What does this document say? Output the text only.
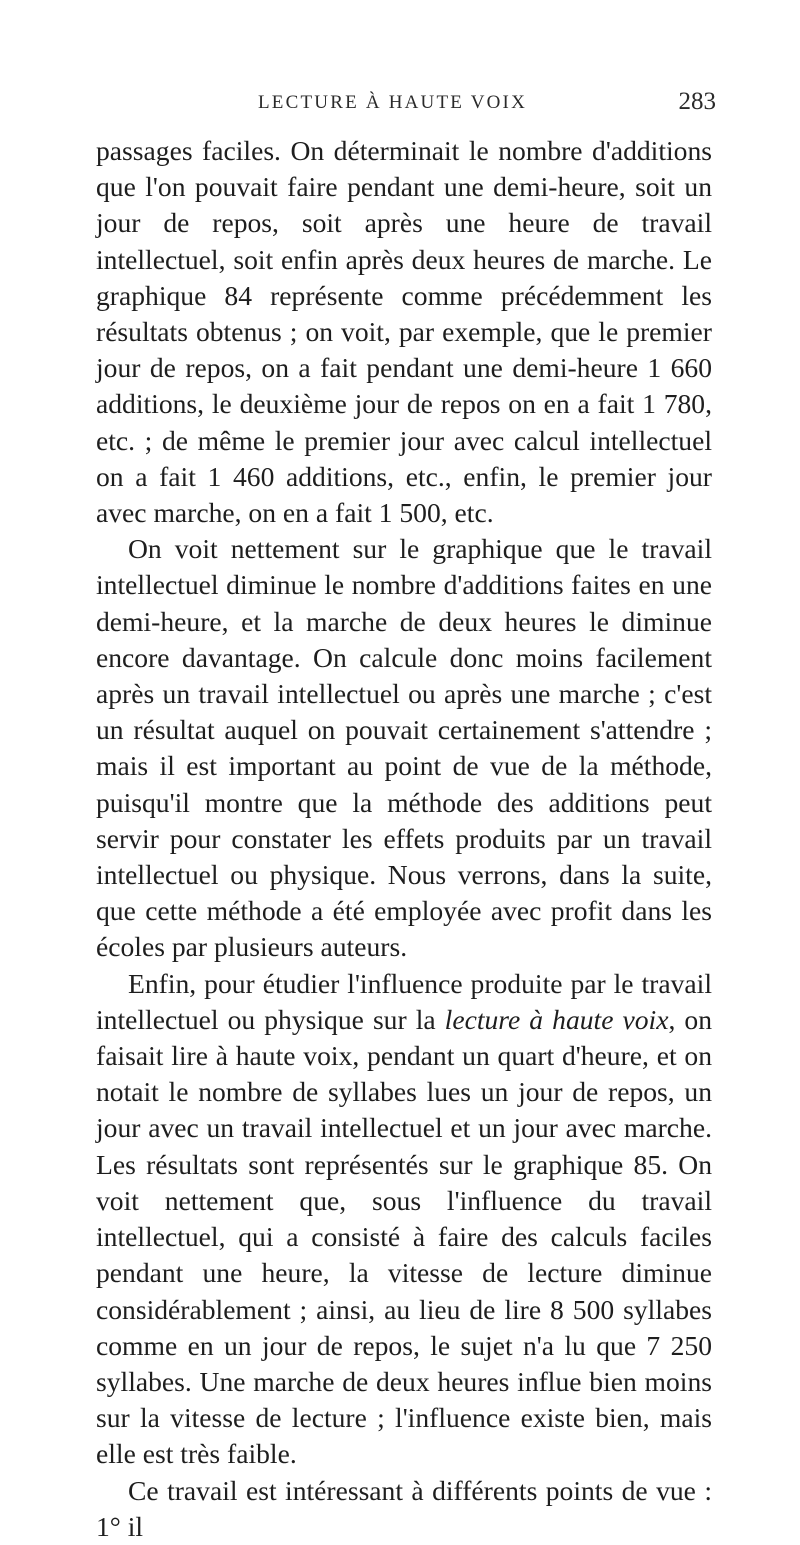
LECTURE À HAUTE VOIX	283

passages faciles. On déterminait le nombre d'additions que l'on pouvait faire pendant une demi-heure, soit un jour de repos, soit après une heure de travail intellectuel, soit enfin après deux heures de marche. Le graphique 84 représente comme précédemment les résultats obtenus ; on voit, par exemple, que le premier jour de repos, on a fait pendant une demi-heure 1 660 additions, le deuxième jour de repos on en a fait 1 780, etc. ; de même le premier jour avec calcul intellectuel on a fait 1 460 additions, etc., enfin, le premier jour avec marche, on en a fait 1 500, etc.

On voit nettement sur le graphique que le travail intellectuel diminue le nombre d'additions faites en une demi-heure, et la marche de deux heures le diminue encore davantage. On calcule donc moins facilement après un travail intellectuel ou après une marche ; c'est un résultat auquel on pouvait certainement s'attendre ; mais il est important au point de vue de la méthode, puisqu'il montre que la méthode des additions peut servir pour constater les effets produits par un travail intellectuel ou physique. Nous verrons, dans la suite, que cette méthode a été employée avec profit dans les écoles par plusieurs auteurs.

Enfin, pour étudier l'influence produite par le travail intellectuel ou physique sur la lecture à haute voix, on faisait lire à haute voix, pendant un quart d'heure, et on notait le nombre de syllabes lues un jour de repos, un jour avec un travail intellectuel et un jour avec marche. Les résultats sont représentés sur le graphique 85. On voit nettement que, sous l'influence du travail intellectuel, qui a consisté à faire des calculs faciles pendant une heure, la vitesse de lecture diminue considérablement ; ainsi, au lieu de lire 8 500 syllabes comme en un jour de repos, le sujet n'a lu que 7 250 syllabes. Une marche de deux heures influe bien moins sur la vitesse de lecture ; l'influence existe bien, mais elle est très faible.

Ce travail est intéressant à différents points de vue : 1° il
